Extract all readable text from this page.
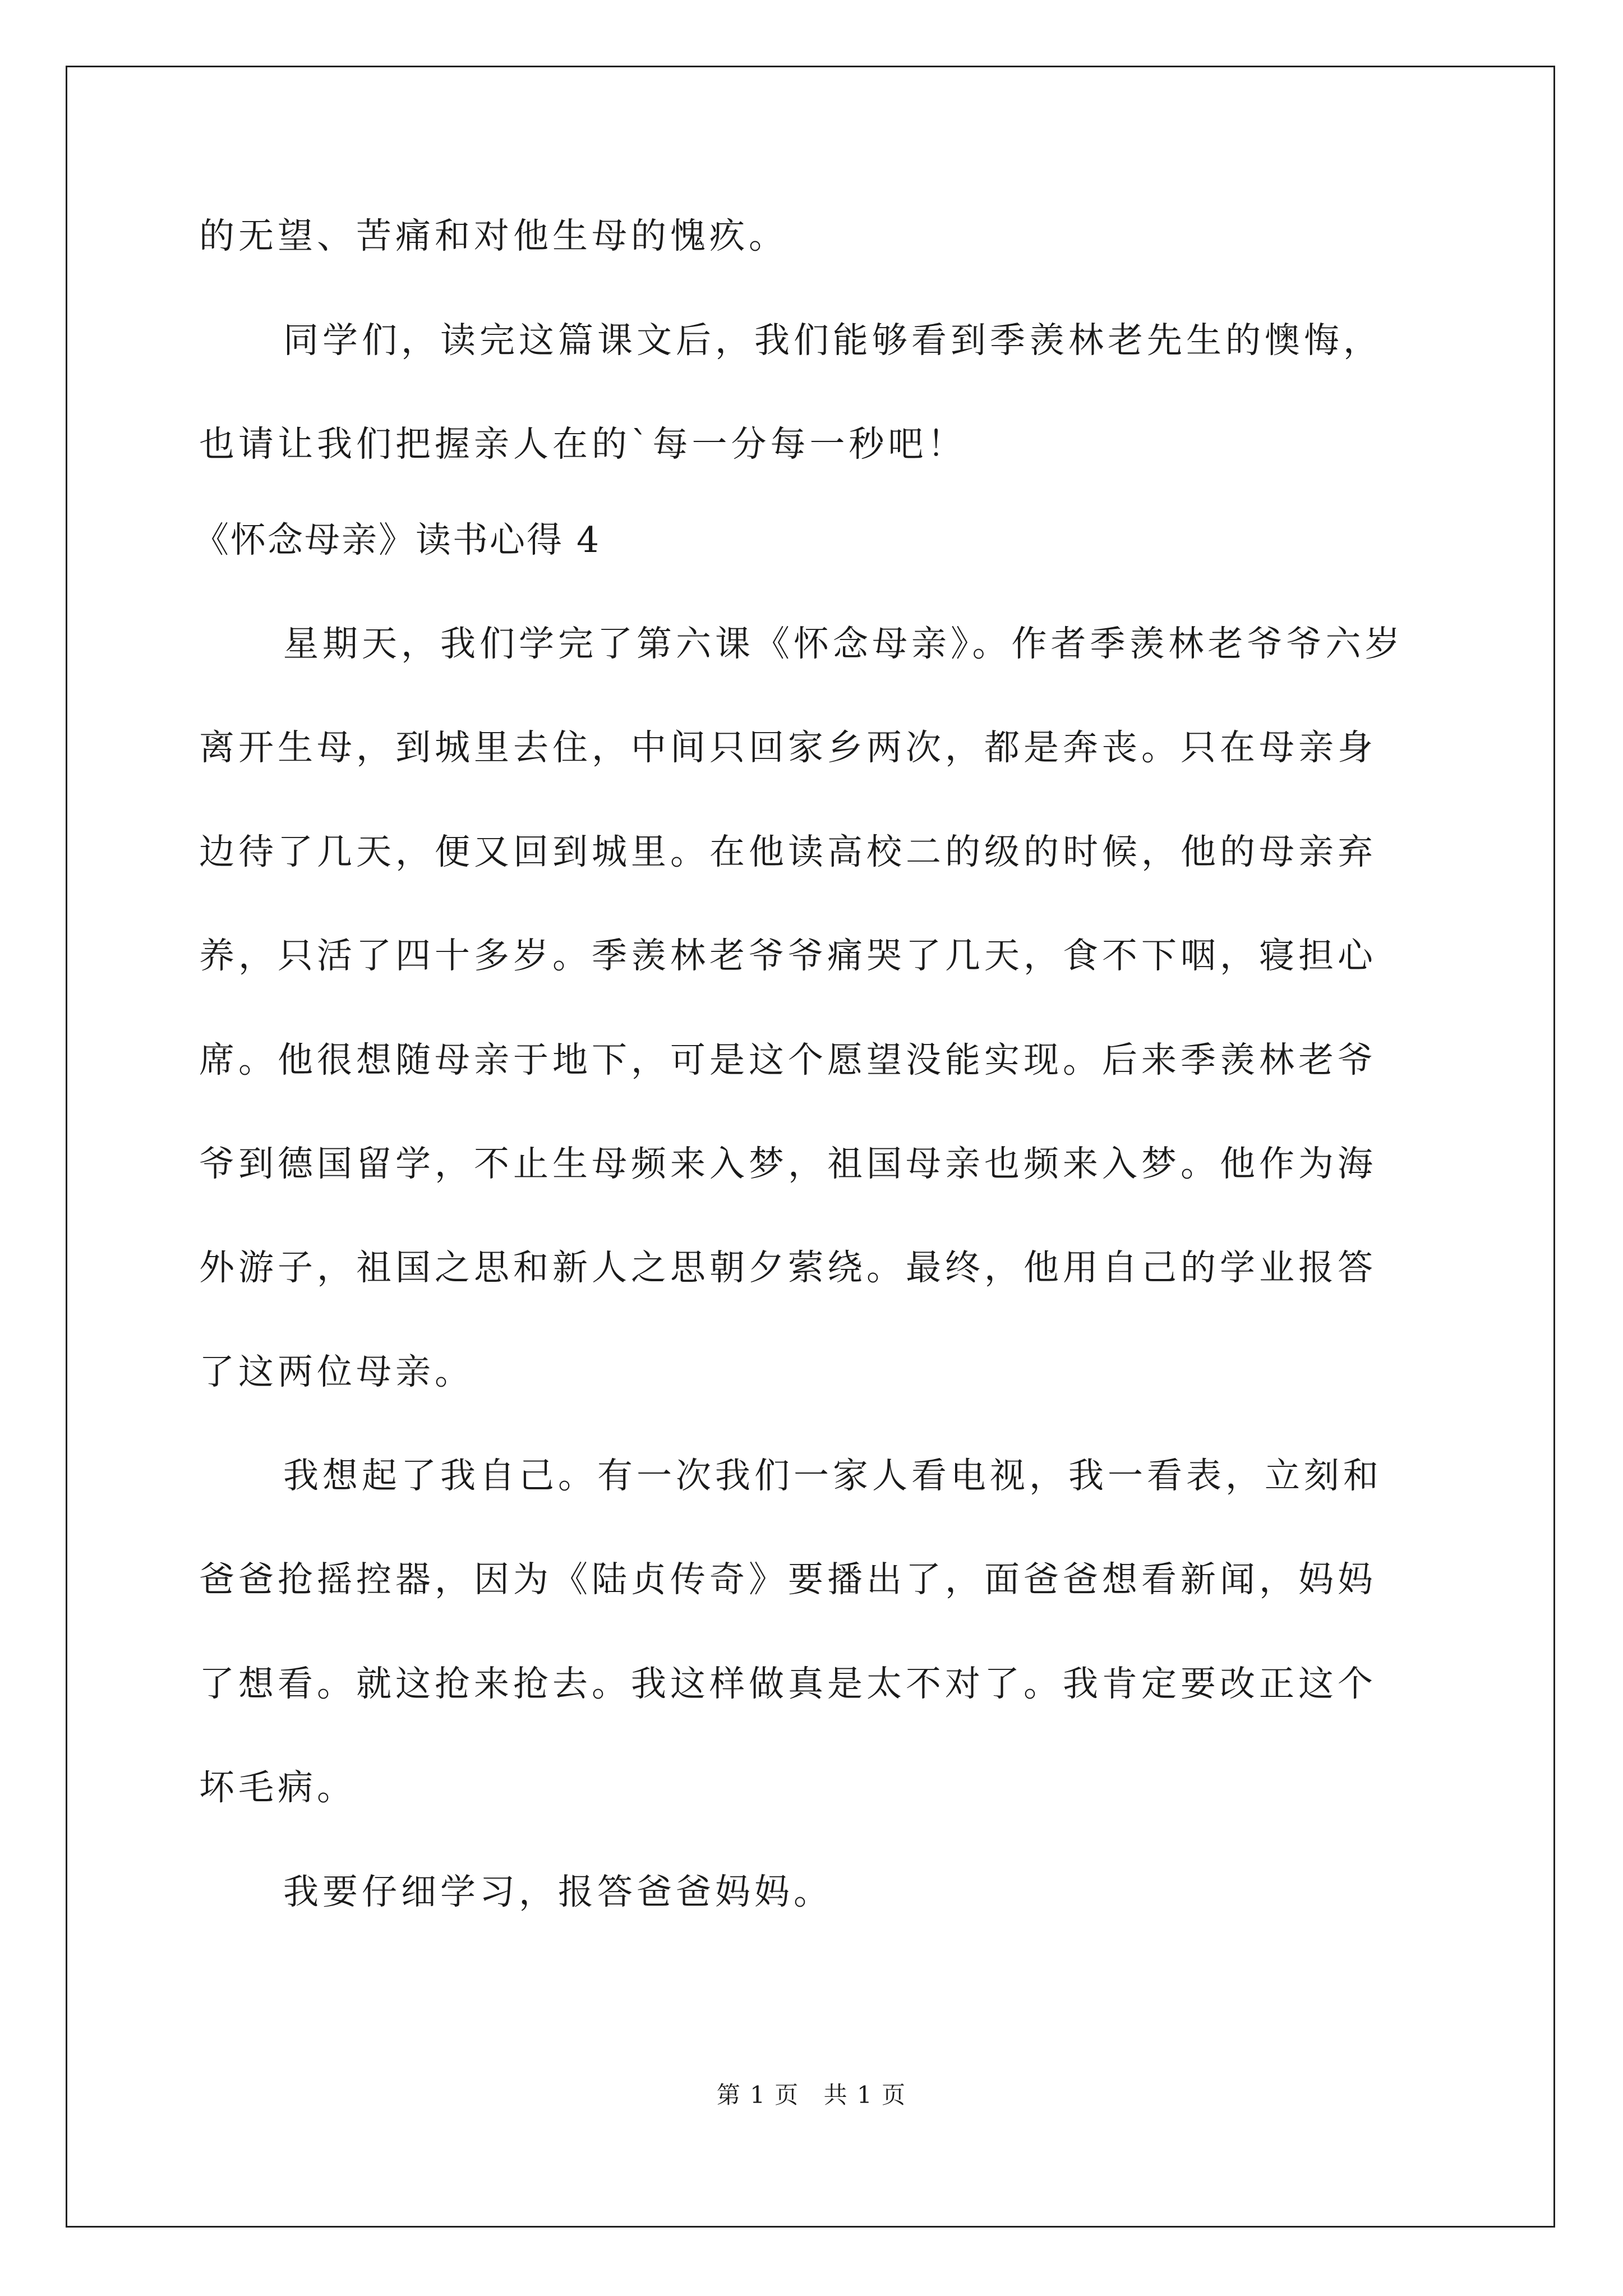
的无望、苦痛和对他生母的愧疚。
同学们，读完这篇课文后，我们能够看到季羡林老先生的懊悔，
也请让我们把握亲人在的`每一分每一秒吧！
《怀念母亲》读书心得 4
星期天，我们学完了第六课《怀念母亲》。作者季羡林老爷爷六岁
离开生母，到城里去住，中间只回家乡两次，都是奔丧。只在母亲身
边待了几天，便又回到城里。在他读高校二的级的时候，他的母亲弃
养，只活了四十多岁。季羡林老爷爷痛哭了几天，食不下咽，寝担心
席。他很想随母亲于地下，可是这个愿望没能实现。后来季羡林老爷
爷到德国留学，不止生母频来入梦，祖国母亲也频来入梦。他作为海
外游子，祖国之思和新人之思朝夕萦绕。最终，他用自己的学业报答
了这两位母亲。
我想起了我自己。有一次我们一家人看电视，我一看表，立刻和
爸爸抢摇控器，因为《陆贞传奇》要播出了，面爸爸想看新闻，妈妈
了想看。就这抢来抢去。我这样做真是太不对了。我肯定要改正这个
坏毛病。
我要仔细学习，报答爸爸妈妈。
第 1 页 共 1 页
